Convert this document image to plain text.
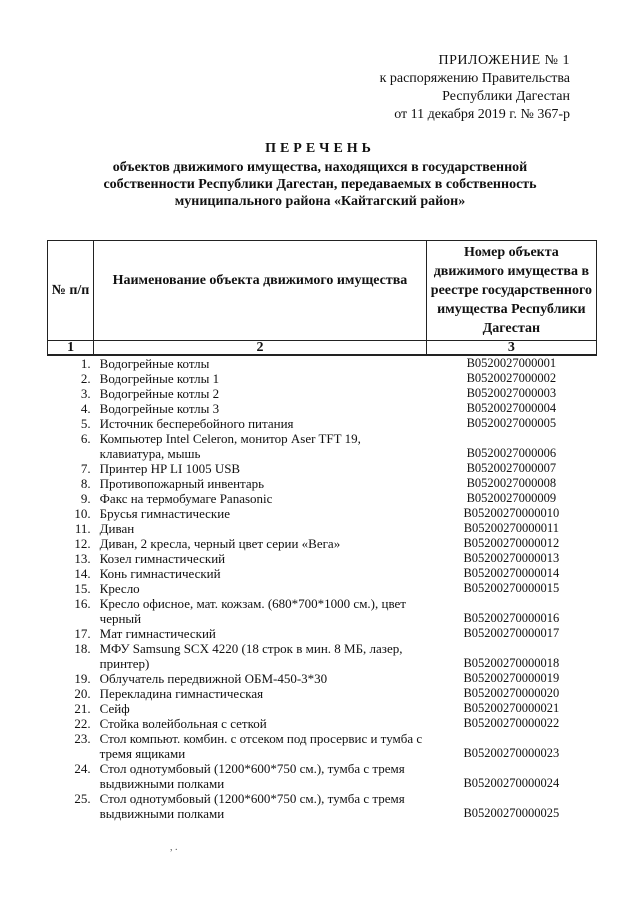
ПРИЛОЖЕНИЕ № 1
к распоряжению Правительства
Республики Дагестан
от 11 декабря 2019 г. № 367-р
ПЕРЕЧЕНЬ
объектов движимого имущества, находящихся в государственной
собственности Республики Дагестан, передаваемых в собственность
муниципального района «Кайтагский район»
№ п/п	Наименование объекта движимого имущества	Номер объекта движимого имущества в реестре государственного имущества Республики Дагестан
1	2	3
1.	Водогрейные котлы	B0520027000001
2.	Водогрейные котлы 1	B0520027000002
3.	Водогрейные котлы 2	B0520027000003
4.	Водогрейные котлы 3	B0520027000004
5.	Источник бесперебойного питания	B0520027000005
6.	Компьютер Intel Celeron, монитор Aser TFT 19, клавиатура, мышь	B0520027000006
7.	Принтер HP LI 1005 USB	B0520027000007
8.	Противопожарный инвентарь	B0520027000008
9.	Факс на термобумаге Panasonic	B0520027000009
10.	Брусья гимнастические	B05200270000010
11.	Диван	B05200270000011
12.	Диван, 2 кресла, черный цвет серии «Вега»	B05200270000012
13.	Козел гимнастический	B05200270000013
14.	Конь гимнастический	B05200270000014
15.	Кресло	B05200270000015
16.	Кресло офисное, мат. кожзам. (680*700*1000 см.), цвет черный	B05200270000016
17.	Мат гимнастический	B05200270000017
18.	МФУ Samsung SCX 4220 (18 строк в мин. 8 МБ, лазер, принтер)	B05200270000018
19.	Облучатель передвижной ОБМ-450-3*30	B05200270000019
20.	Перекладина гимнастическая	B05200270000020
21.	Сейф	B05200270000021
22.	Стойка волейбольная с сеткой	B05200270000022
23.	Стол компьют. комбин. с отсеком под просервис и тумба с тремя ящиками	B05200270000023
24.	Стол однотумбовый (1200*600*750 см.), тумба с тремя выдвижными полками	B05200270000024
25.	Стол однотумбовый (1200*600*750 см.), тумба с тремя выдвижными полками	B05200270000025
, .
